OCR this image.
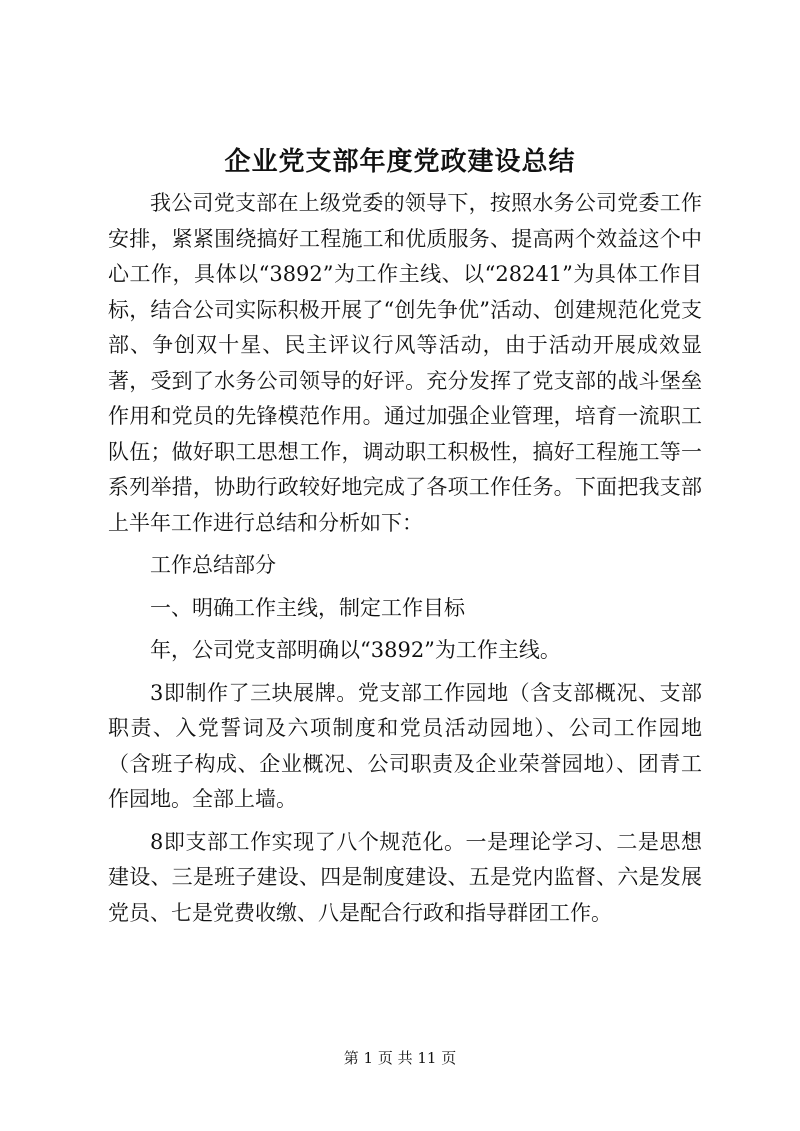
企业党支部年度党政建设总结

我公司党支部在上级党委的领导下，按照水务公司党委工作安排，紧紧围绕搞好工程施工和优质服务、提高两个效益这个中心工作，具体以“3892”为工作主线、以“28241”为具体工作目标，结合公司实际积极开展了“创先争优”活动、创建规范化党支部、争创双十星、民主评议行风等活动，由于活动开展成效显著，受到了水务公司领导的好评。充分发挥了党支部的战斗堡垒作用和党员的先锋模范作用。通过加强企业管理，培育一流职工队伍；做好职工思想工作，调动职工积极性，搞好工程施工等一系列举措，协助行政较好地完成了各项工作任务。下面把我支部上半年工作进行总结和分析如下：

工作总结部分

一、明确工作主线，制定工作目标

年，公司党支部明确以“3892”为工作主线。

3即制作了三块展牌。党支部工作园地（含支部概况、支部职责、入党誓词及六项制度和党员活动园地）、公司工作园地（含班子构成、企业概况、公司职责及企业荣誉园地）、团青工作园地。全部上墙。

8即支部工作实现了八个规范化。一是理论学习、二是思想建设、三是班子建设、四是制度建设、五是党内监督、六是发展党员、七是党费收缴、八是配合行政和指导群团工作。

第 1 页 共 11 页
